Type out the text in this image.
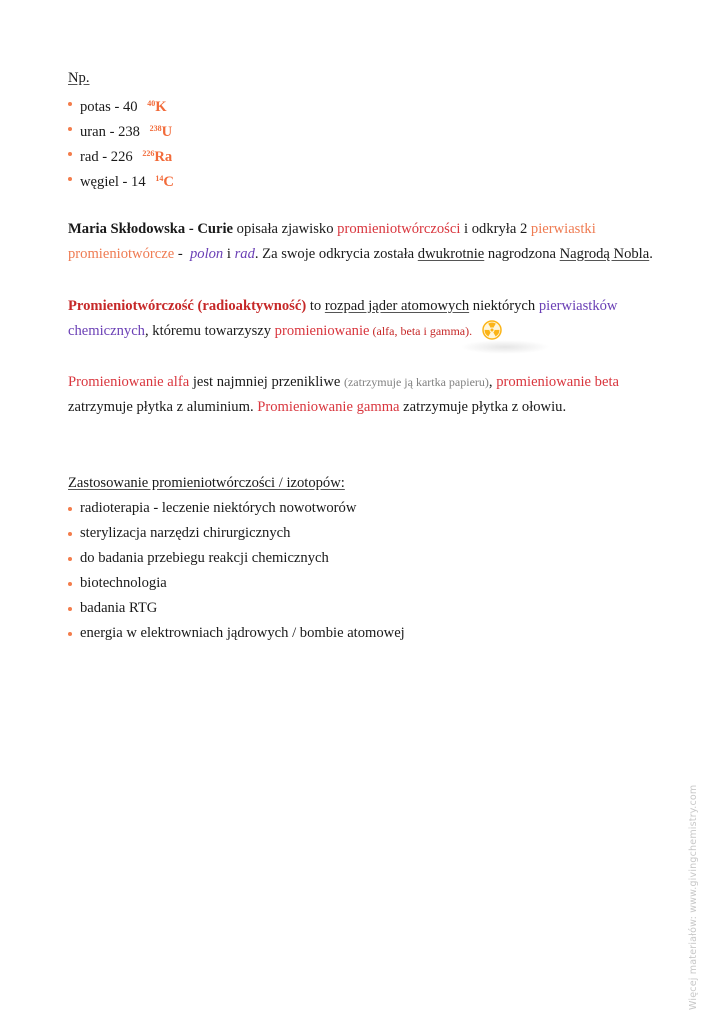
Np.
potas - 40 $^{40}$K
uran - 238 $^{238}$U
rad - 226 $^{226}$Ra
węgiel - 14 $^{14}$C
Maria Skłodowska - Curie opisała zjawisko promieniotwórczości i odkryła 2 pierwiastki
promieniotwórcze -  polon i rad. Za swoje odkrycia została dwukrotnie nagrodzona Nagrodą Nobla.
Promieniotwórczość (radioaktywność) to rozpad jąder atomowych niektórych pierwiastków
chemicznych, któremu towarzyszy promieniowanie (alfa, beta i gamma).
Promieniowanie alfa jest najmniej przenikliwe (zatrzymuje ją kartka papieru), promieniowanie beta
zatrzymuje płytka z aluminium. Promieniowanie gamma zatrzymuje płytka z ołowiu.
Zastosowanie promieniotwórczości / izotopów:
radioterapia - leczenie niektórych nowotworów
sterylizacja narzędzi chirurgicznych
do badania przebiegu reakcji chemicznych
biotechnologia
badania RTG
energia w elektrowniach jądrowych / bombie atomowej
Więcej materiałów: www.givingchemistry.com
